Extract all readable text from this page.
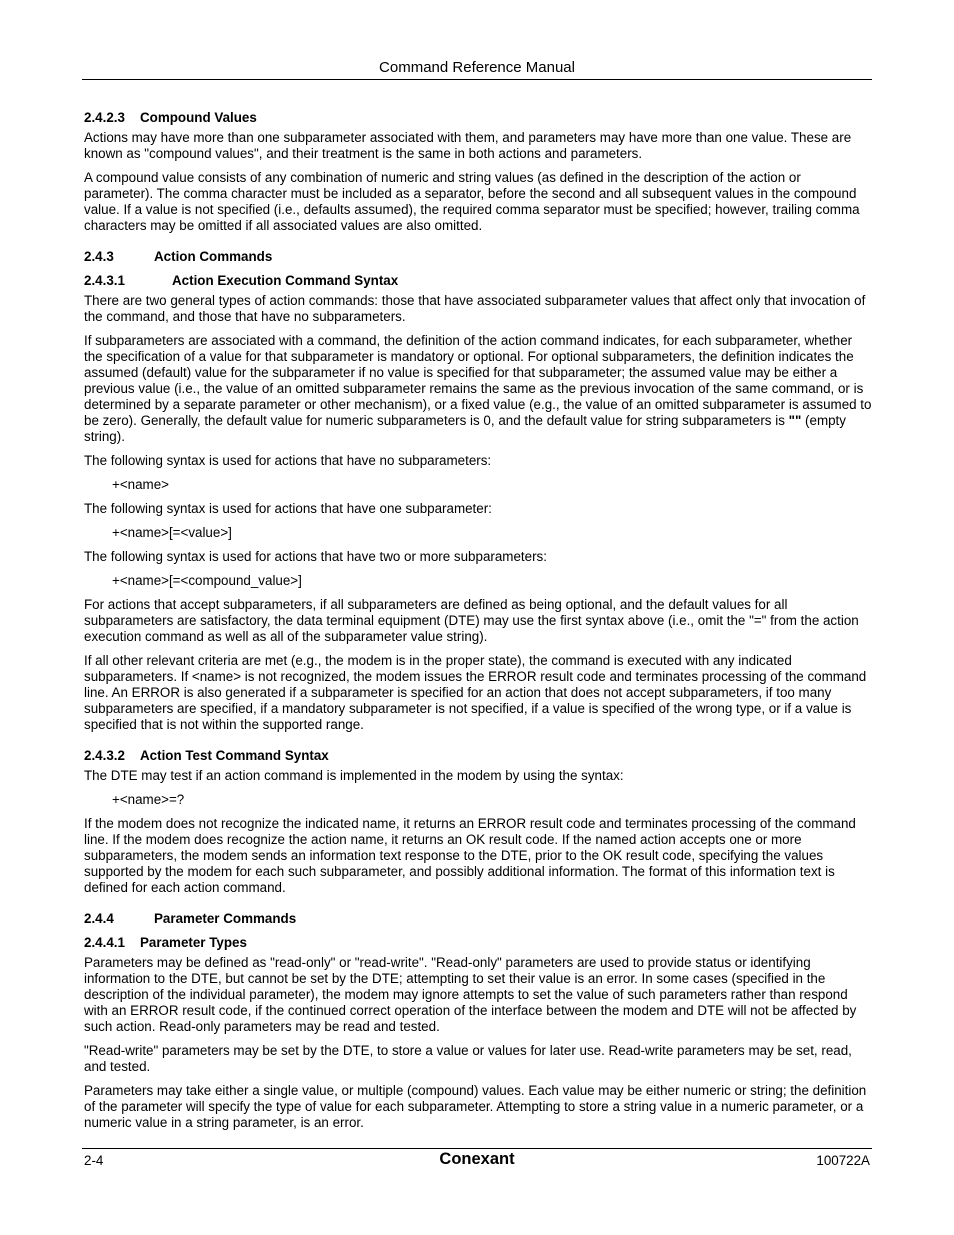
Command Reference Manual
2.4.2.3 Compound Values

Actions may have more than one subparameter associated with them, and parameters may have more than one value. These are known as "compound values", and their treatment is the same in both actions and parameters.

A compound value consists of any combination of numeric and string values (as defined in the description of the action or parameter). The comma character must be included as a separator, before the second and all subsequent values in the compound value. If a value is not specified (i.e., defaults assumed), the required comma separator must be specified; however, trailing comma characters may be omitted if all associated values are also omitted.

2.4.3	Action Commands
2.4.3.1	Action Execution Command Syntax

There are two general types of action commands: those that have associated subparameter values that affect only that invocation of the command, and those that have no subparameters.

If subparameters are associated with a command, the definition of the action command indicates, for each subparameter, whether the specification of a value for that subparameter is mandatory or optional. For optional subparameters, the definition indicates the assumed (default) value for the subparameter if no value is specified for that subparameter; the assumed value may be either a previous value (i.e., the value of an omitted subparameter remains the same as the previous invocation of the same command, or is determined by a separate parameter or other mechanism), or a fixed value (e.g., the value of an omitted subparameter is assumed to be zero). Generally, the default value for numeric subparameters is 0, and the default value for string subparameters is "" (empty string).

The following syntax is used for actions that have no subparameters:

+<name>

The following syntax is used for actions that have one subparameter:

+<name>[=<value>]

The following syntax is used for actions that have two or more subparameters:

+<name>[=<compound_value>]

For actions that accept subparameters, if all subparameters are defined as being optional, and the default values for all subparameters are satisfactory, the data terminal equipment (DTE) may use the first syntax above (i.e., omit the "=" from the action execution command as well as all of the subparameter value string).

If all other relevant criteria are met (e.g., the modem is in the proper state), the command is executed with any indicated subparameters. If <name> is not recognized, the modem issues the ERROR result code and terminates processing of the command line. An ERROR is also generated if a subparameter is specified for an action that does not accept subparameters, if too many subparameters are specified, if a mandatory subparameter is not specified, if a value is specified of the wrong type, or if a value is specified that is not within the supported range.

2.4.3.2 Action Test Command Syntax

The DTE may test if an action command is implemented in the modem by using the syntax:

+<name>=?

If the modem does not recognize the indicated name, it returns an ERROR result code and terminates processing of the command line. If the modem does recognize the action name, it returns an OK result code. If the named action accepts one or more subparameters, the modem sends an information text response to the DTE, prior to the OK result code, specifying the values supported by the modem for each such subparameter, and possibly additional information. The format of this information text is defined for each action command.

2.4.4	Parameter Commands
2.4.4.1 Parameter Types

Parameters may be defined as "read-only" or "read-write". "Read-only" parameters are used to provide status or identifying information to the DTE, but cannot be set by the DTE; attempting to set their value is an error. In some cases (specified in the description of the individual parameter), the modem may ignore attempts to set the value of such parameters rather than respond with an ERROR result code, if the continued correct operation of the interface between the modem and DTE will not be affected by such action. Read-only parameters may be read and tested.

"Read-write" parameters may be set by the DTE, to store a value or values for later use. Read-write parameters may be set, read, and tested.

Parameters may take either a single value, or multiple (compound) values. Each value may be either numeric or string; the definition of the parameter will specify the type of value for each subparameter. Attempting to store a string value in a numeric parameter, or a numeric value in a string parameter, is an error.

2-4	Conexant	100722A
